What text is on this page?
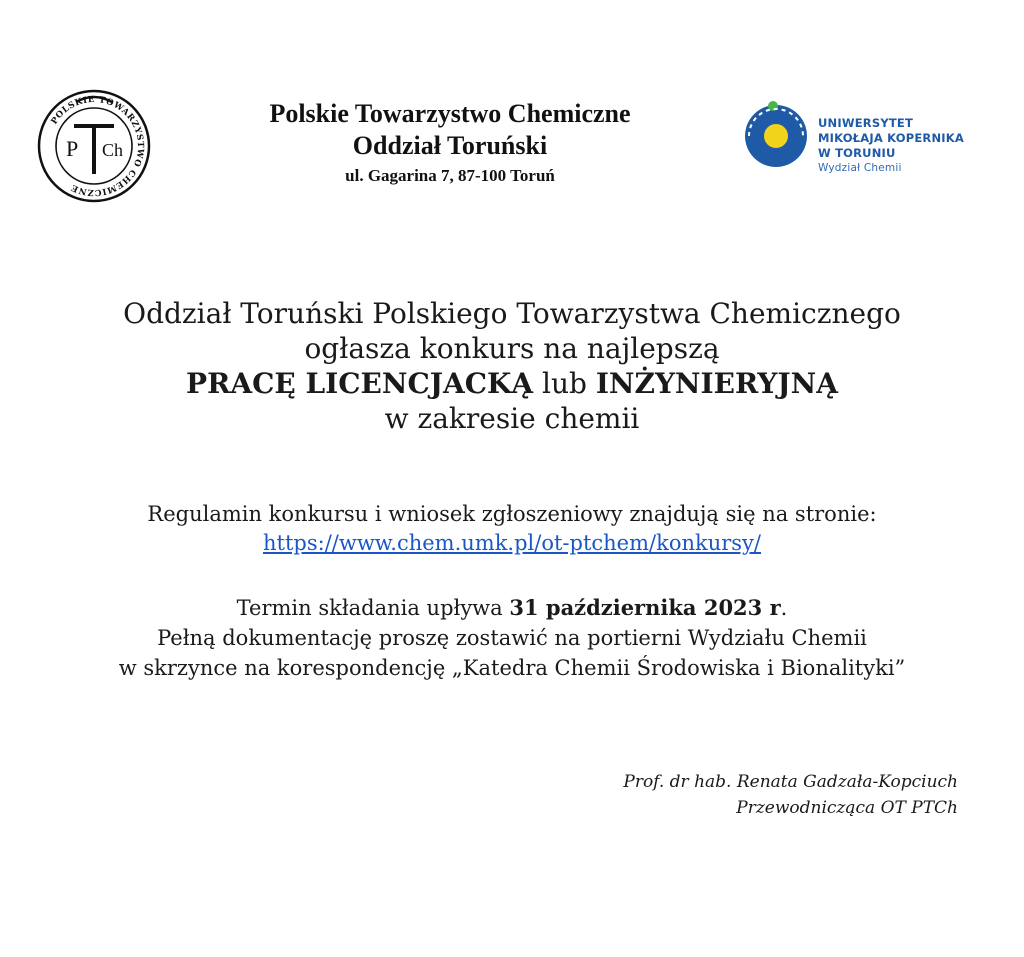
POLSKIE TOWARZYSTWO CHEMICZNE
P Ch
Polskie Towarzystwo Chemiczne
Oddział Toruński
ul. Gagarina 7, 87-100 Toruń
UNIWERSYTET
MIKOŁAJA KOPERNIKA
W TORUNIU
Wydział Chemii
Oddział Toruński Polskiego Towarzystwa Chemicznego
ogłasza konkurs na najlepszą
PRACĘ LICENCJACKĄ lub INŻYNIERYJNĄ
w zakresie chemii
Regulamin konkursu i wniosek zgłoszeniowy znajdują się na stronie:
https://www.chem.umk.pl/ot-ptchem/konkursy/
Termin składania upływa 31 października 2023 r.
Pełną dokumentację proszę zostawić na portierni Wydziału Chemii
w skrzynce na korespondencję „Katedra Chemii Środowiska i Bionalityki”
Prof. dr hab. Renata Gadzała-Kopciuch
Przewodnicząca OT PTCh
